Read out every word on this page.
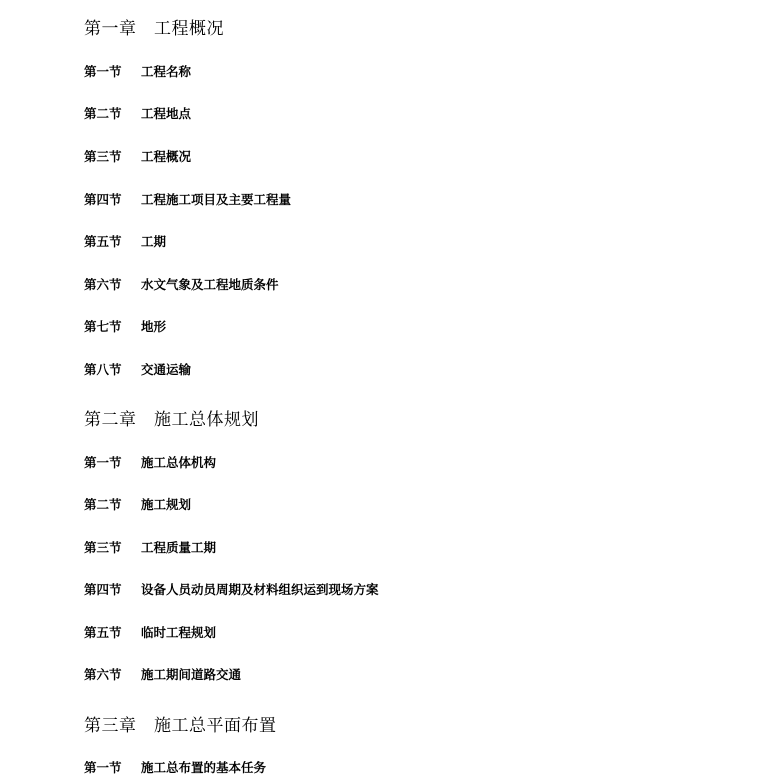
第一章 工程概况
第一节 工程名称
第二节 工程地点
第三节 工程概况
第四节 工程施工项目及主要工程量
第五节 工期
第六节 水文气象及工程地质条件
第七节 地形
第八节 交通运输
第二章 施工总体规划
第一节 施工总体机构
第二节 施工规划
第三节 工程质量工期
第四节 设备人员动员周期及材料组织运到现场方案
第五节 临时工程规划
第六节 施工期间道路交通
第三章 施工总平面布置
第一节 施工总布置的基本任务
